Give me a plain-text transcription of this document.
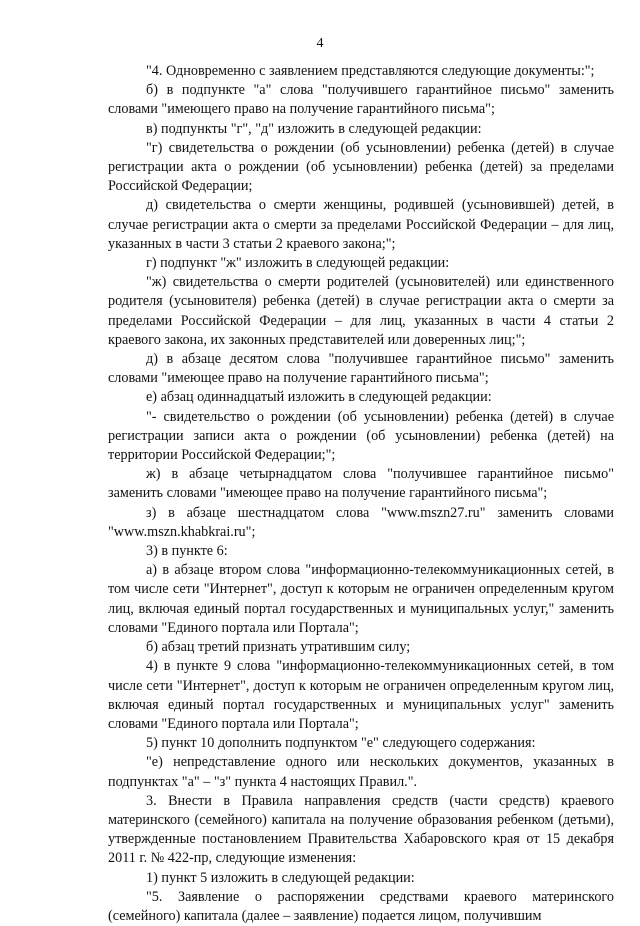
4

"4. Одновременно с заявлением представляются следующие документы:";

б) в подпункте "а" слова "получившего гарантийное письмо" заменить словами "имеющего право на получение гарантийного письма";

в) подпункты "г", "д" изложить в следующей редакции:

"г) свидетельства о рождении (об усыновлении) ребенка (детей) в случае регистрации акта о рождении (об усыновлении) ребенка (детей) за пределами Российской Федерации;

д) свидетельства о смерти женщины, родившей (усыновившей) детей, в случае регистрации акта о смерти за пределами Российской Федерации – для лиц, указанных в части 3 статьи 2 краевого закона;";

г) подпункт "ж" изложить в следующей редакции:

"ж) свидетельства о смерти родителей (усыновителей) или единственного родителя (усыновителя) ребенка (детей) в случае регистрации акта о смерти за пределами Российской Федерации – для лиц, указанных в части 4 статьи 2 краевого закона, их законных представителей или доверенных лиц;";

д) в абзаце десятом слова "получившее гарантийное письмо" заменить словами "имеющее право на получение гарантийного письма";

е) абзац одиннадцатый изложить в следующей редакции:

"- свидетельство о рождении (об усыновлении) ребенка (детей) в случае регистрации записи акта о рождении (об усыновлении) ребенка (детей) на территории Российской Федерации;";

ж) в абзаце четырнадцатом слова "получившее гарантийное письмо" заменить словами "имеющее право на получение гарантийного письма";

з) в абзаце шестнадцатом слова "www.mszn27.ru" заменить словами "www.mszn.khabkrai.ru";

3) в пункте 6:

а) в абзаце втором слова "информационно-телекоммуникационных сетей, в том числе сети "Интернет", доступ к которым не ограничен определенным кругом лиц, включая единый портал государственных и муниципальных услуг," заменить словами "Единого портала или Портала";

б) абзац третий признать утратившим силу;

4) в пункте 9 слова "информационно-телекоммуникационных сетей, в том числе сети "Интернет", доступ к которым не ограничен определенным кругом лиц, включая единый портал государственных и муниципальных услуг" заменить словами "Единого портала или Портала";

5) пункт 10 дополнить подпунктом "е" следующего содержания:

"е) непредставление одного или нескольких документов, указанных в подпунктах "а" – "з" пункта 4 настоящих Правил.".

3. Внести в Правила направления средств (части средств) краевого материнского (семейного) капитала на получение образования ребенком (детьми), утвержденные постановлением Правительства Хабаровского края от 15 декабря 2011 г. № 422-пр, следующие изменения:

1) пункт 5 изложить в следующей редакции:

"5. Заявление о распоряжении средствами краевого материнского (семейного) капитала (далее – заявление) подается лицом, получившим
